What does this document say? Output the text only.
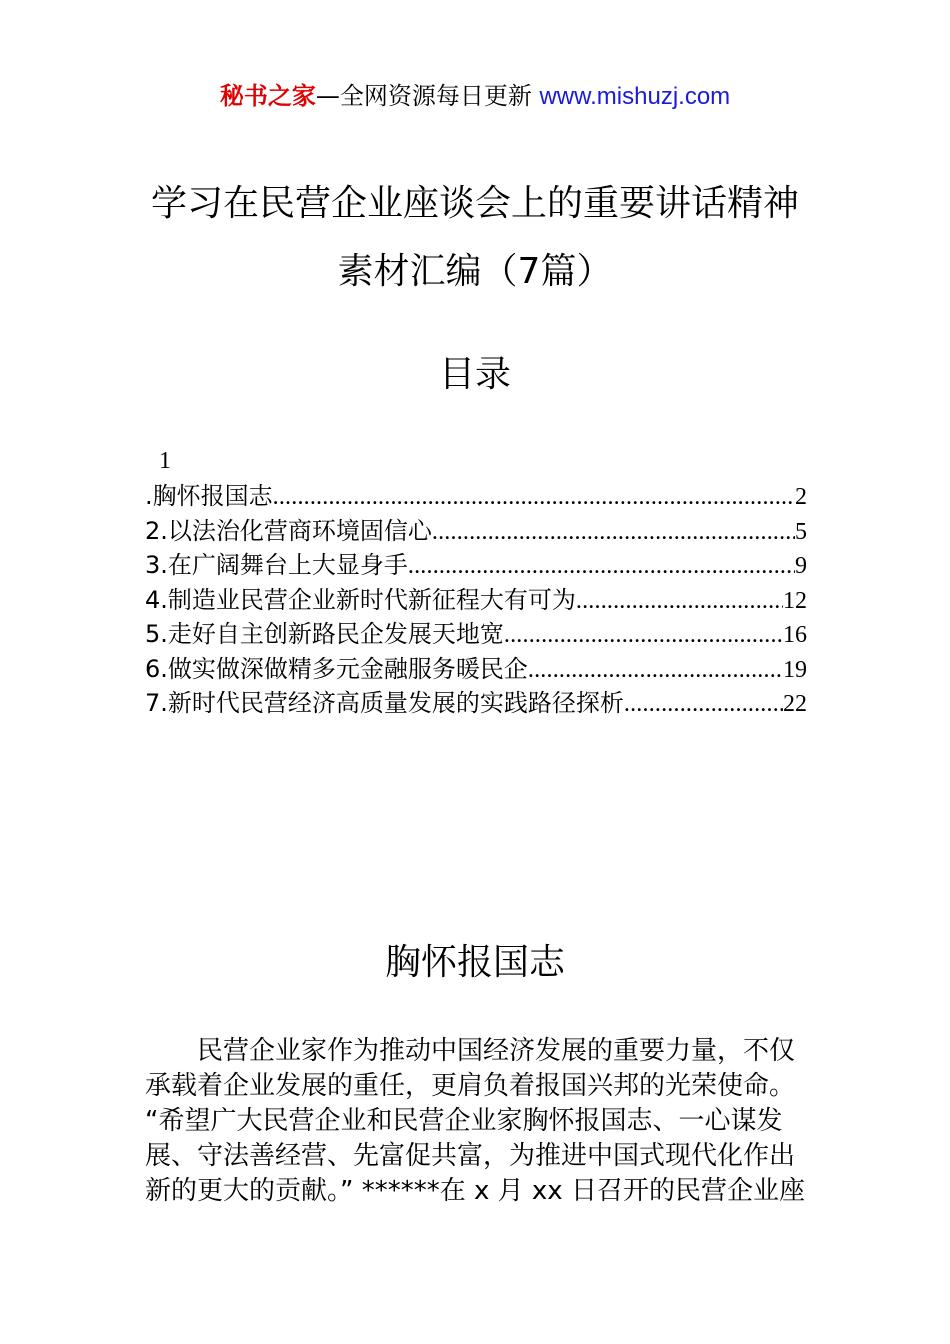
秘书之家—全网资源每日更新 www.mishuzj.com
学习在民营企业座谈会上的重要讲话精神
素材汇编（7篇）
目录
1
.胸怀报国志 .....	2
2.以法治化营商环境固信心 .....	5
3.在广阔舞台上大显身手 .....	9
4.制造业民营企业新时代新征程大有可为 .....	12
5.走好自主创新路民企发展天地宽 .....	16
6.做实做深做精多元金融服务暖民企 .....	19
7.新时代民营经济高质量发展的实践路径探析 .....	22
胸怀报国志
民营企业家作为推动中国经济发展的重要力量，不仅
承载着企业发展的重任，更肩负着报国兴邦的光荣使命。
“希望广大民营企业和民营企业家胸怀报国志、一心谋发
展、守法善经营、先富促共富，为推进中国式现代化作出
新的更大的贡献。” ******在 x 月 xx 日召开的民营企业座
